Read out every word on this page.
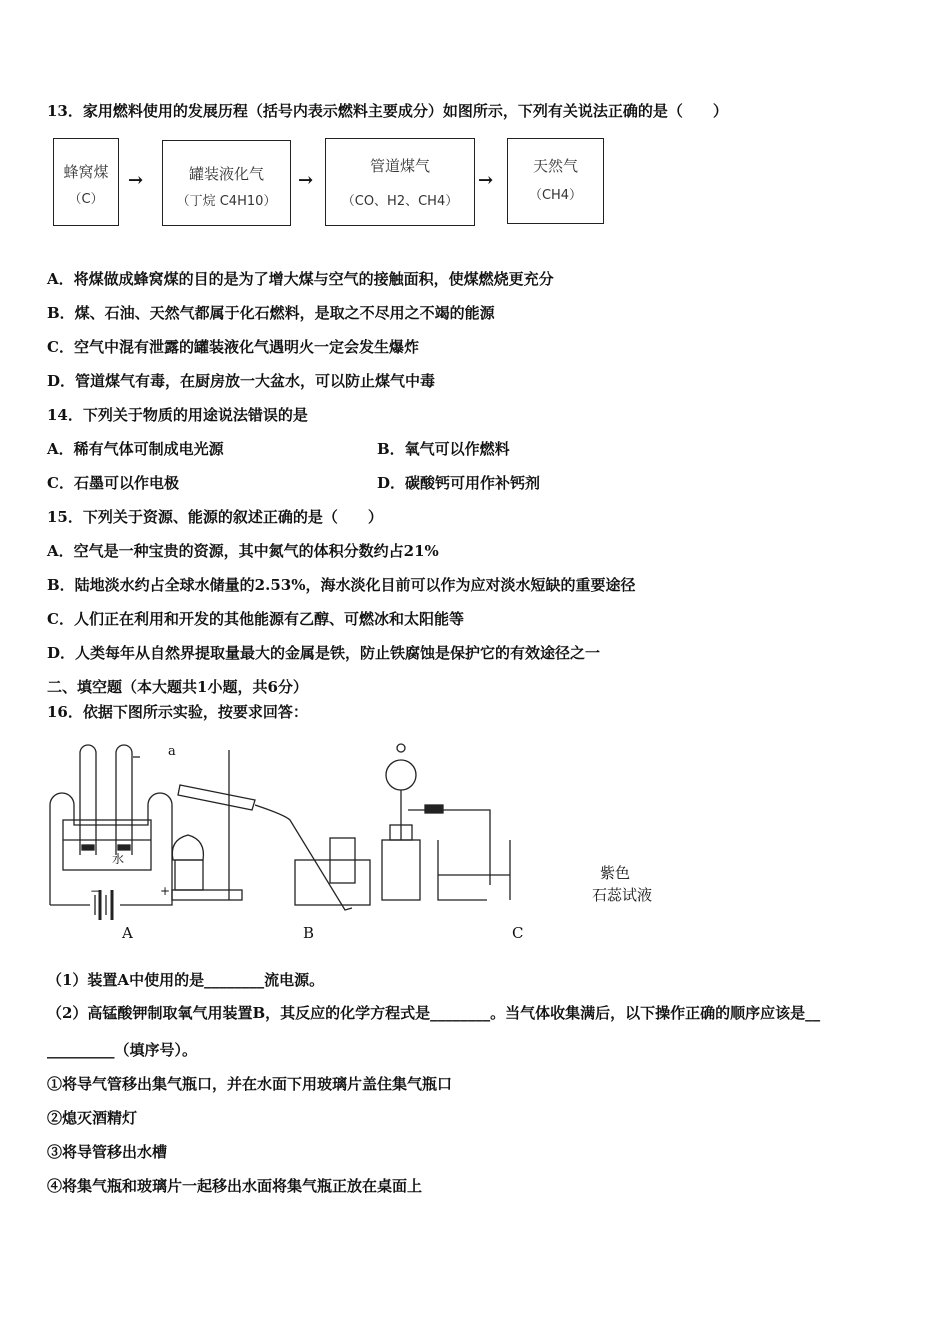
13．家用燃料使用的发展历程（括号内表示燃料主要成分）如图所示，下列有关说法正确的是（　　）
蜂窝煤
（C）
→	罐装液化气
（丁烷 C4H10）
→
管道煤气
（CO、H2、CH4）
→
天然气
（CH4）
A．将煤做成蜂窝煤的目的是为了增大煤与空气的接触面积，使煤燃烧更充分
B．煤、石油、天然气都属于化石燃料，是取之不尽用之不竭的能源
C．空气中混有泄露的罐装液化气遇明火一定会发生爆炸
D．管道煤气有毒，在厨房放一大盆水，可以防止煤气中毒
14．下列关于物质的用途说法错误的是
A．稀有气体可制成电光源	B．氧气可以作燃料
C．石墨可以作电极	D．碳酸钙可用作补钙剂
15．下列关于资源、能源的叙述正确的是（　　）
A．空气是一种宝贵的资源，其中氮气的体积分数约占21%
B．陆地淡水约占全球水储量的2.53%，海水淡化目前可以作为应对淡水短缺的重要途径
C．人们正在利用和开发的其他能源有乙醇、可燃冰和太阳能等
D．人类每年从自然界提取量最大的金属是铁，防止铁腐蚀是保护它的有效途径之一
二、填空题（本大题共1小题，共6分）
16．依据下图所示实验，按要求回答：
a
水
−	+
紫色
石蕊试液
A	B	C
（1）装置A中使用的是________流电源。
（2）高锰酸钾制取氧气用装置B，其反应的化学方程式是________。当气体收集满后，以下操作正确的顺序应该是__
_________（填序号）。
①将导气管移出集气瓶口，并在水面下用玻璃片盖住集气瓶口
②熄灭酒精灯
③将导管移出水槽
④将集气瓶和玻璃片一起移出水面将集气瓶正放在桌面上
